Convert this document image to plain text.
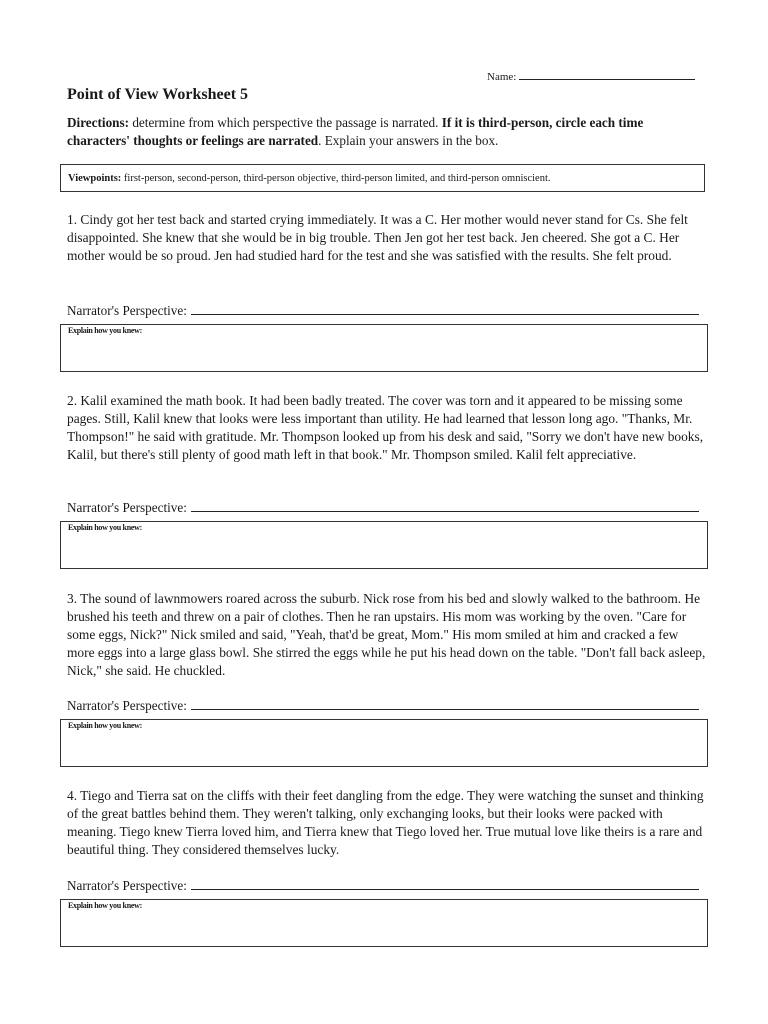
Name:
Point of View Worksheet 5
Directions: determine from which perspective the passage is narrated. If it is third-person, circle each time characters' thoughts or feelings are narrated. Explain your answers in the box.
Viewpoints: first-person, second-person, third-person objective, third-person limited, and third-person omniscient.
1. Cindy got her test back and started crying immediately. It was a C. Her mother would never stand for Cs. She felt disappointed. She knew that she would be in big trouble. Then Jen got her test back. Jen cheered. She got a C. Her mother would be so proud. Jen had studied hard for the test and she was satisfied with the results. She felt proud.
Narrator's Perspective:
Explain how you knew:
2. Kalil examined the math book. It had been badly treated. The cover was torn and it appeared to be missing some pages. Still, Kalil knew that looks were less important than utility. He had learned that lesson long ago. "Thanks, Mr. Thompson!" he said with gratitude. Mr. Thompson looked up from his desk and said, "Sorry we don't have new books, Kalil, but there's still plenty of good math left in that book." Mr. Thompson smiled. Kalil felt appreciative.
Narrator's Perspective:
Explain how you knew:
3. The sound of lawnmowers roared across the suburb. Nick rose from his bed and slowly walked to the bathroom. He brushed his teeth and threw on a pair of clothes. Then he ran upstairs. His mom was working by the oven. "Care for some eggs, Nick?" Nick smiled and said, "Yeah, that'd be great, Mom." His mom smiled at him and cracked a few more eggs into a large glass bowl. She stirred the eggs while he put his head down on the table. "Don't fall back asleep, Nick," she said. He chuckled.
Narrator's Perspective:
Explain how you knew:
4. Tiego and Tierra sat on the cliffs with their feet dangling from the edge. They were watching the sunset and thinking of the great battles behind them. They weren't talking, only exchanging looks, but their looks were packed with meaning. Tiego knew Tierra loved him, and Tierra knew that Tiego loved her. True mutual love like theirs is a rare and beautiful thing. They considered themselves lucky.
Narrator's Perspective:
Explain how you knew:
